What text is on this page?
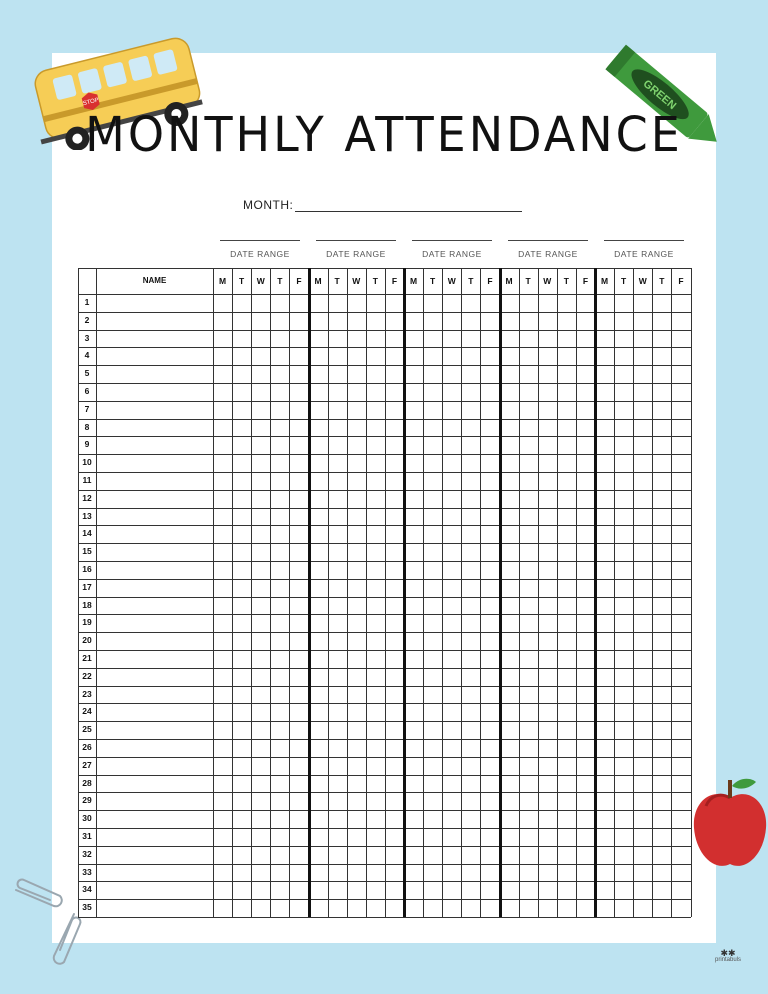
STOP	GREEN
MONTHLY ATTENDANCE
MONTH:
✱✱
printabuls
DATE RANGE	DATE RANGE	DATE RANGE	DATE RANGE	DATE RANGE
NAME	M	T	W	T	F	M	T	W	T	F	M	T	W	T	F	M	T	W	T	F	M	T	W	T	F
1
2
3
4
5
6
7
8
9
10
11
12
13
14
15
16
17
18
19
20
21
22
23
24
25
26
27
28
29
30
31
32
33
34
35
